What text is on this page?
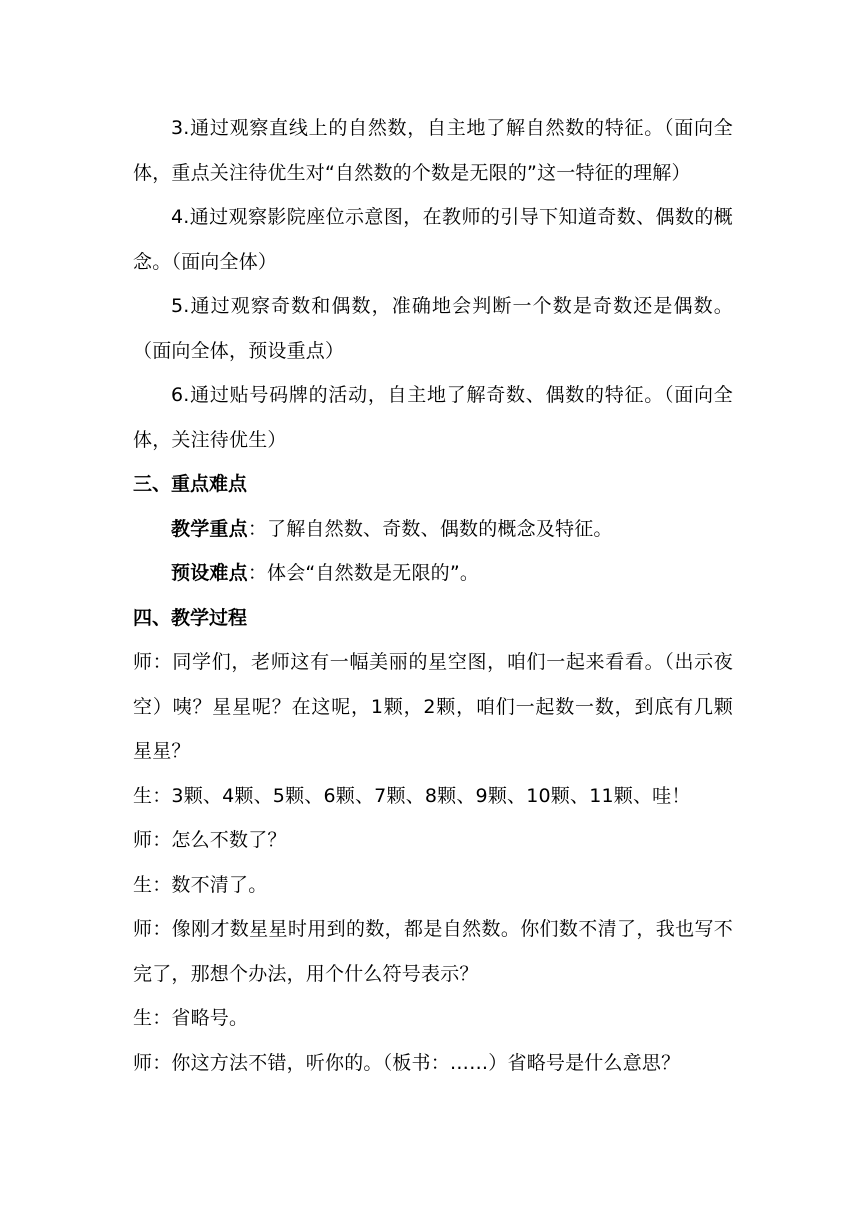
3.通过观察直线上的自然数，自主地了解自然数的特征。（面向全体，重点关注待优生对“自然数的个数是无限的”这一特征的理解）

4.通过观察影院座位示意图，在教师的引导下知道奇数、偶数的概念。（面向全体）

5.通过观察奇数和偶数，准确地会判断一个数是奇数还是偶数。（面向全体，预设重点）

6.通过贴号码牌的活动，自主地了解奇数、偶数的特征。（面向全体，关注待优生）

三、重点难点

教学重点：了解自然数、奇数、偶数的概念及特征。

预设难点：体会“自然数是无限的”。

四、教学过程

师：同学们，老师这有一幅美丽的星空图，咱们一起来看看。（出示夜空）咦？星星呢？在这呢，1颗，2颗，咱们一起数一数，到底有几颗星星？

生：3颗、4颗、5颗、6颗、7颗、8颗、9颗、10颗、11颗、哇！

师：怎么不数了？

生：数不清了。

师：像刚才数星星时用到的数，都是自然数。你们数不清了，我也写不完了，那想个办法，用个什么符号表示？

生：省略号。

师：你这方法不错，听你的。（板书：……）省略号是什么意思？
